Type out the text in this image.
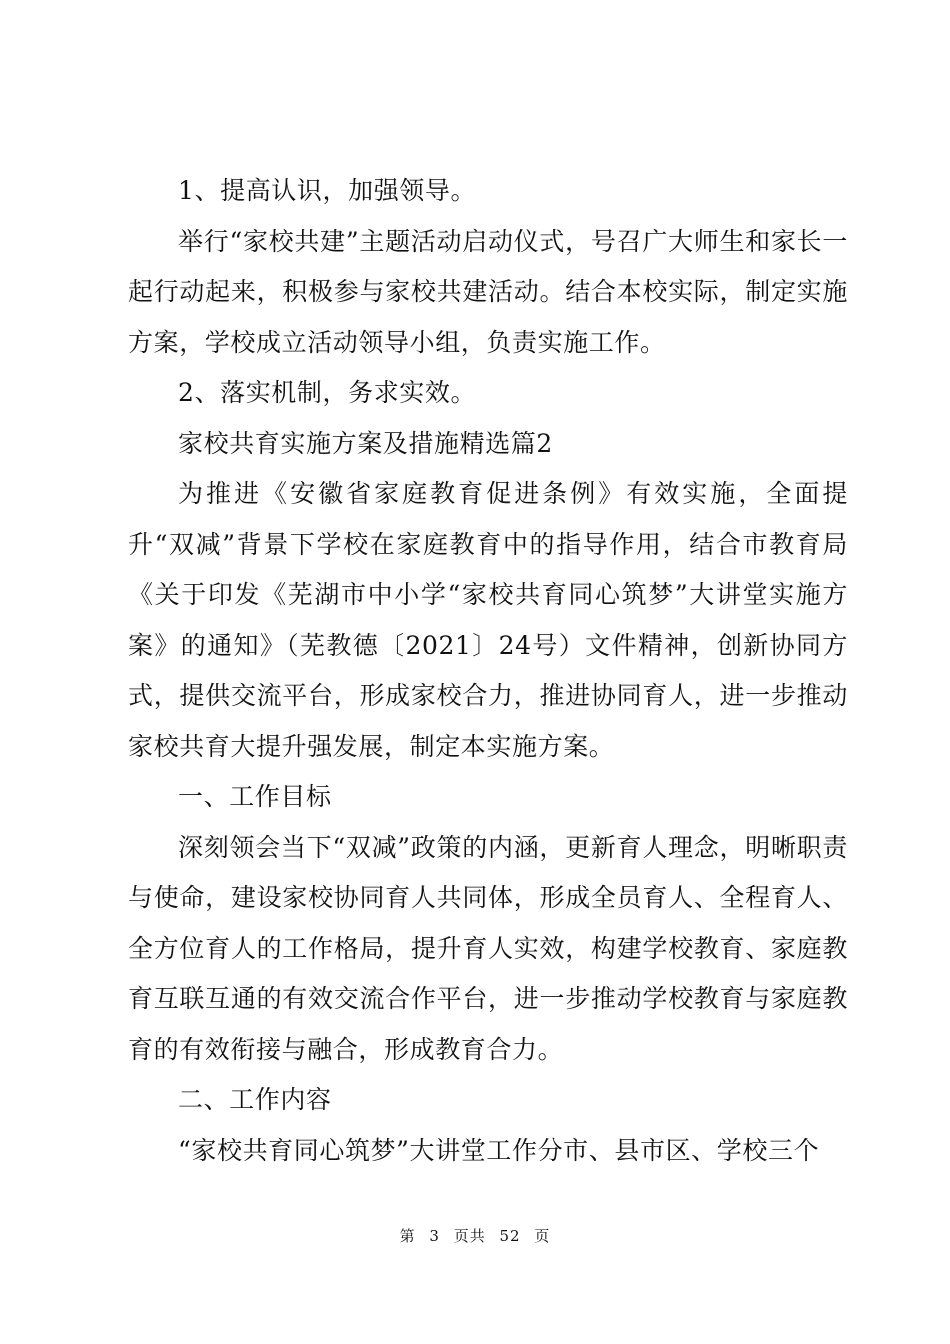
1、提高认识，加强领导。

举行“家校共建”主题活动启动仪式，号召广大师生和家长一起行动起来，积极参与家校共建活动。结合本校实际，制定实施方案，学校成立活动领导小组，负责实施工作。

2、落实机制，务求实效。

家校共育实施方案及措施精选篇2

为推进《安徽省家庭教育促进条例》有效实施，全面提升“双减”背景下学校在家庭教育中的指导作用，结合市教育局《关于印发《芜湖市中小学“家校共育同心筑梦”大讲堂实施方案》的通知》（芜教德〔2021〕24号）文件精神，创新协同方式，提供交流平台，形成家校合力，推进协同育人，进一步推动家校共育大提升强发展，制定本实施方案。

一、工作目标

深刻领会当下“双减”政策的内涵，更新育人理念，明晰职责与使命，建设家校协同育人共同体，形成全员育人、全程育人、全方位育人的工作格局，提升育人实效，构建学校教育、家庭教育互联互通的有效交流合作平台，进一步推动学校教育与家庭教育的有效衔接与融合，形成教育合力。

二、工作内容

“家校共育同心筑梦”大讲堂工作分市、县市区、学校三个

第 3 页共 52 页
